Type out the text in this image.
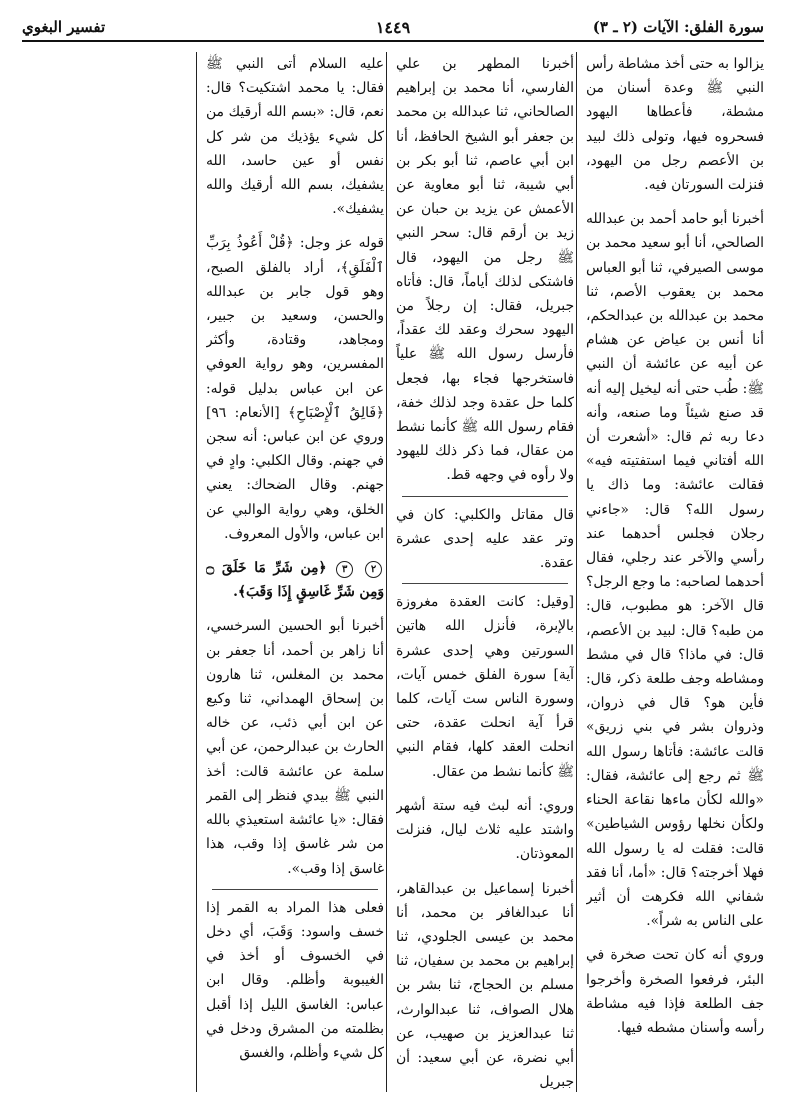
سورة الفلق: الآيات (٢ ـ ٣)
١٤٤٩
تفسير البغوي

يزالوا به حتى أخذ مشاطة رأس النبي ﷺ وعدة أسنان من مشطة، فأعطاها اليهود فسحروه فيها، وتولى ذلك لبيد بن الأعصم رجل من اليهود، فنزلت السورتان فيه.

أخبرنا أبو حامد أحمد بن عبدالله الصالحي، أنا أبو سعيد محمد بن موسى الصيرفي، ثنا أبو العباس محمد بن يعقوب الأصم، ثنا محمد بن عبدالله بن عبدالحكم، أنا أنس بن عياض عن هشام عن أبيه عن عائشة أن النبي ﷺ: طُب حتى أنه ليخيل إليه أنه قد صنع شيئاً وما صنعه، وأنه دعا ربه ثم قال: «أشعرت أن الله أفتاني فيما استفتيته فيه» فقالت عائشة: وما ذاك يا رسول الله؟ قال: «جاءني رجلان فجلس أحدهما عند رأسي والآخر عند رجلي، فقال أحدهما لصاحبه: ما وجع الرجل؟ قال الآخر: هو مطبوب، قال: من طبه؟ قال: لبيد بن الأعصم، قال: في ماذا؟ قال في مشط ومشاطه وجف طلعة ذكر، قال: فأين هو؟ قال في ذروان، وذروان بشر في بني زريق» قالت عائشة: فأتاها رسول الله ﷺ ثم رجع إلى عائشة، فقال: «والله لكأن ماءها نقاعة الحناء ولكأن نخلها رؤوس الشياطين» قالت: فقلت له يا رسول الله فهلا أخرجته؟ قال: «أما، أنا فقد شفاني الله فكرهت أن أثير على الناس به شراً».

وروي أنه كان تحت صخرة في البئر، فرفعوا الصخرة وأخرجوا جف الطلعة فإذا فيه مشاطة رأسه وأسنان مشطه فيها.

أخبرنا المطهر بن علي الفارسي، أنا محمد بن إبراهيم الصالحاني، ثنا عبدالله بن محمد بن جعفر أبو الشيخ الحافظ، أنا ابن أبي عاصم، ثنا أبو بكر بن أبي شيبة، ثنا أبو معاوية عن الأعمش عن يزيد بن حبان عن زيد بن أرقم قال: سحر النبي ﷺ رجل من اليهود، قال فاشتكى لذلك أياماً، قال: فأتاه جبريل، فقال: إن رجلاً من اليهود سحرك وعقد لك عقداً، فأرسل رسول الله ﷺ علياً فاستخرجها فجاء بها، فجعل كلما حل عقدة وجد لذلك خفة، فقام رسول الله ﷺ كأنما نشط من عقال، فما ذكر ذلك لليهود ولا رأوه في وجهه قط.

قال مقاتل والكلبي: كان في وتر عقد عليه إحدى عشرة عقدة.

[وقيل: كانت العقدة مغروزة بالإبرة، فأنزل الله هاتين السورتين وهي إحدى عشرة آية] سورة الفلق خمس آيات، وسورة الناس ست آيات، كلما قرأ آية انحلت عقدة، حتى انحلت العقد كلها، فقام النبي ﷺ كأنما نشط من عقال.

وروي: أنه لبث فيه ستة أشهر واشتد عليه ثلاث ليال، فنزلت المعوذتان.

أخبرنا إسماعيل بن عبدالقاهر، أنا عبدالغافر بن محمد، أنا محمد بن عيسى الجلودي، ثنا إبراهيم بن محمد بن سفيان، ثنا مسلم بن الحجاج، ثنا بشر بن هلال الصواف، ثنا عبدالوارث، ثنا عبدالعزيز بن صهيب، عن أبي نضرة، عن أبي سعيد: أن جبريل

عليه السلام أتى النبي ﷺ فقال: يا محمد اشتكيت؟ قال: نعم، قال: «بسم الله أرقيك من كل شيء يؤذيك من شر كل نفس أو عين حاسد، الله يشفيك، بسم الله أرقيك والله يشفيك».

قوله عز وجل: ﴿قُلْ أَعُوذُ بِرَبِّ ٱلْفَلَقِ﴾، أراد بالفلق الصبح، وهو قول جابر بن عبدالله والحسن، وسعيد بن جبير، ومجاهد، وقتادة، وأكثر المفسرين، وهو رواية العوفي عن ابن عباس بدليل قوله: ﴿فَالِقُ ٱلْإِصْبَاحِ﴾ [الأنعام: ٩٦] وروي عن ابن عباس: أنه سجن في جهنم. وقال الكلبي: وادٍ في جهنم. وقال الضحاك: يعني الخلق، وهي رواية الوالبي عن ابن عباس، والأول المعروف.

٢ ٣ ﴿مِن شَرِّ مَا خَلَقَ ۝ وَمِن شَرِّ غَاسِقٍ إِذَا وَقَبَ﴾.

أخبرنا أبو الحسين السرخسي، أنا زاهر بن أحمد، أنا جعفر بن محمد بن المغلس، ثنا هارون بن إسحاق الهمداني، ثنا وكيع عن ابن أبي ذئب، عن خاله الحارث بن عبدالرحمن، عن أبي سلمة عن عائشة قالت: أخذ النبي ﷺ بيدي فنظر إلى القمر فقال: «يا عائشة استعيذي بالله من شر غاسق إذا وقب، هذا غاسق إذا وقب».

فعلى هذا المراد به القمر إذا خسف واسود: وَقَبَ، أي دخل في الخسوف أو أخذ في الغيبوبة وأظلم. وقال ابن عباس: الغاسق الليل إذا أقبل بظلمته من المشرق ودخل في كل شيء وأظلم، والغسق
